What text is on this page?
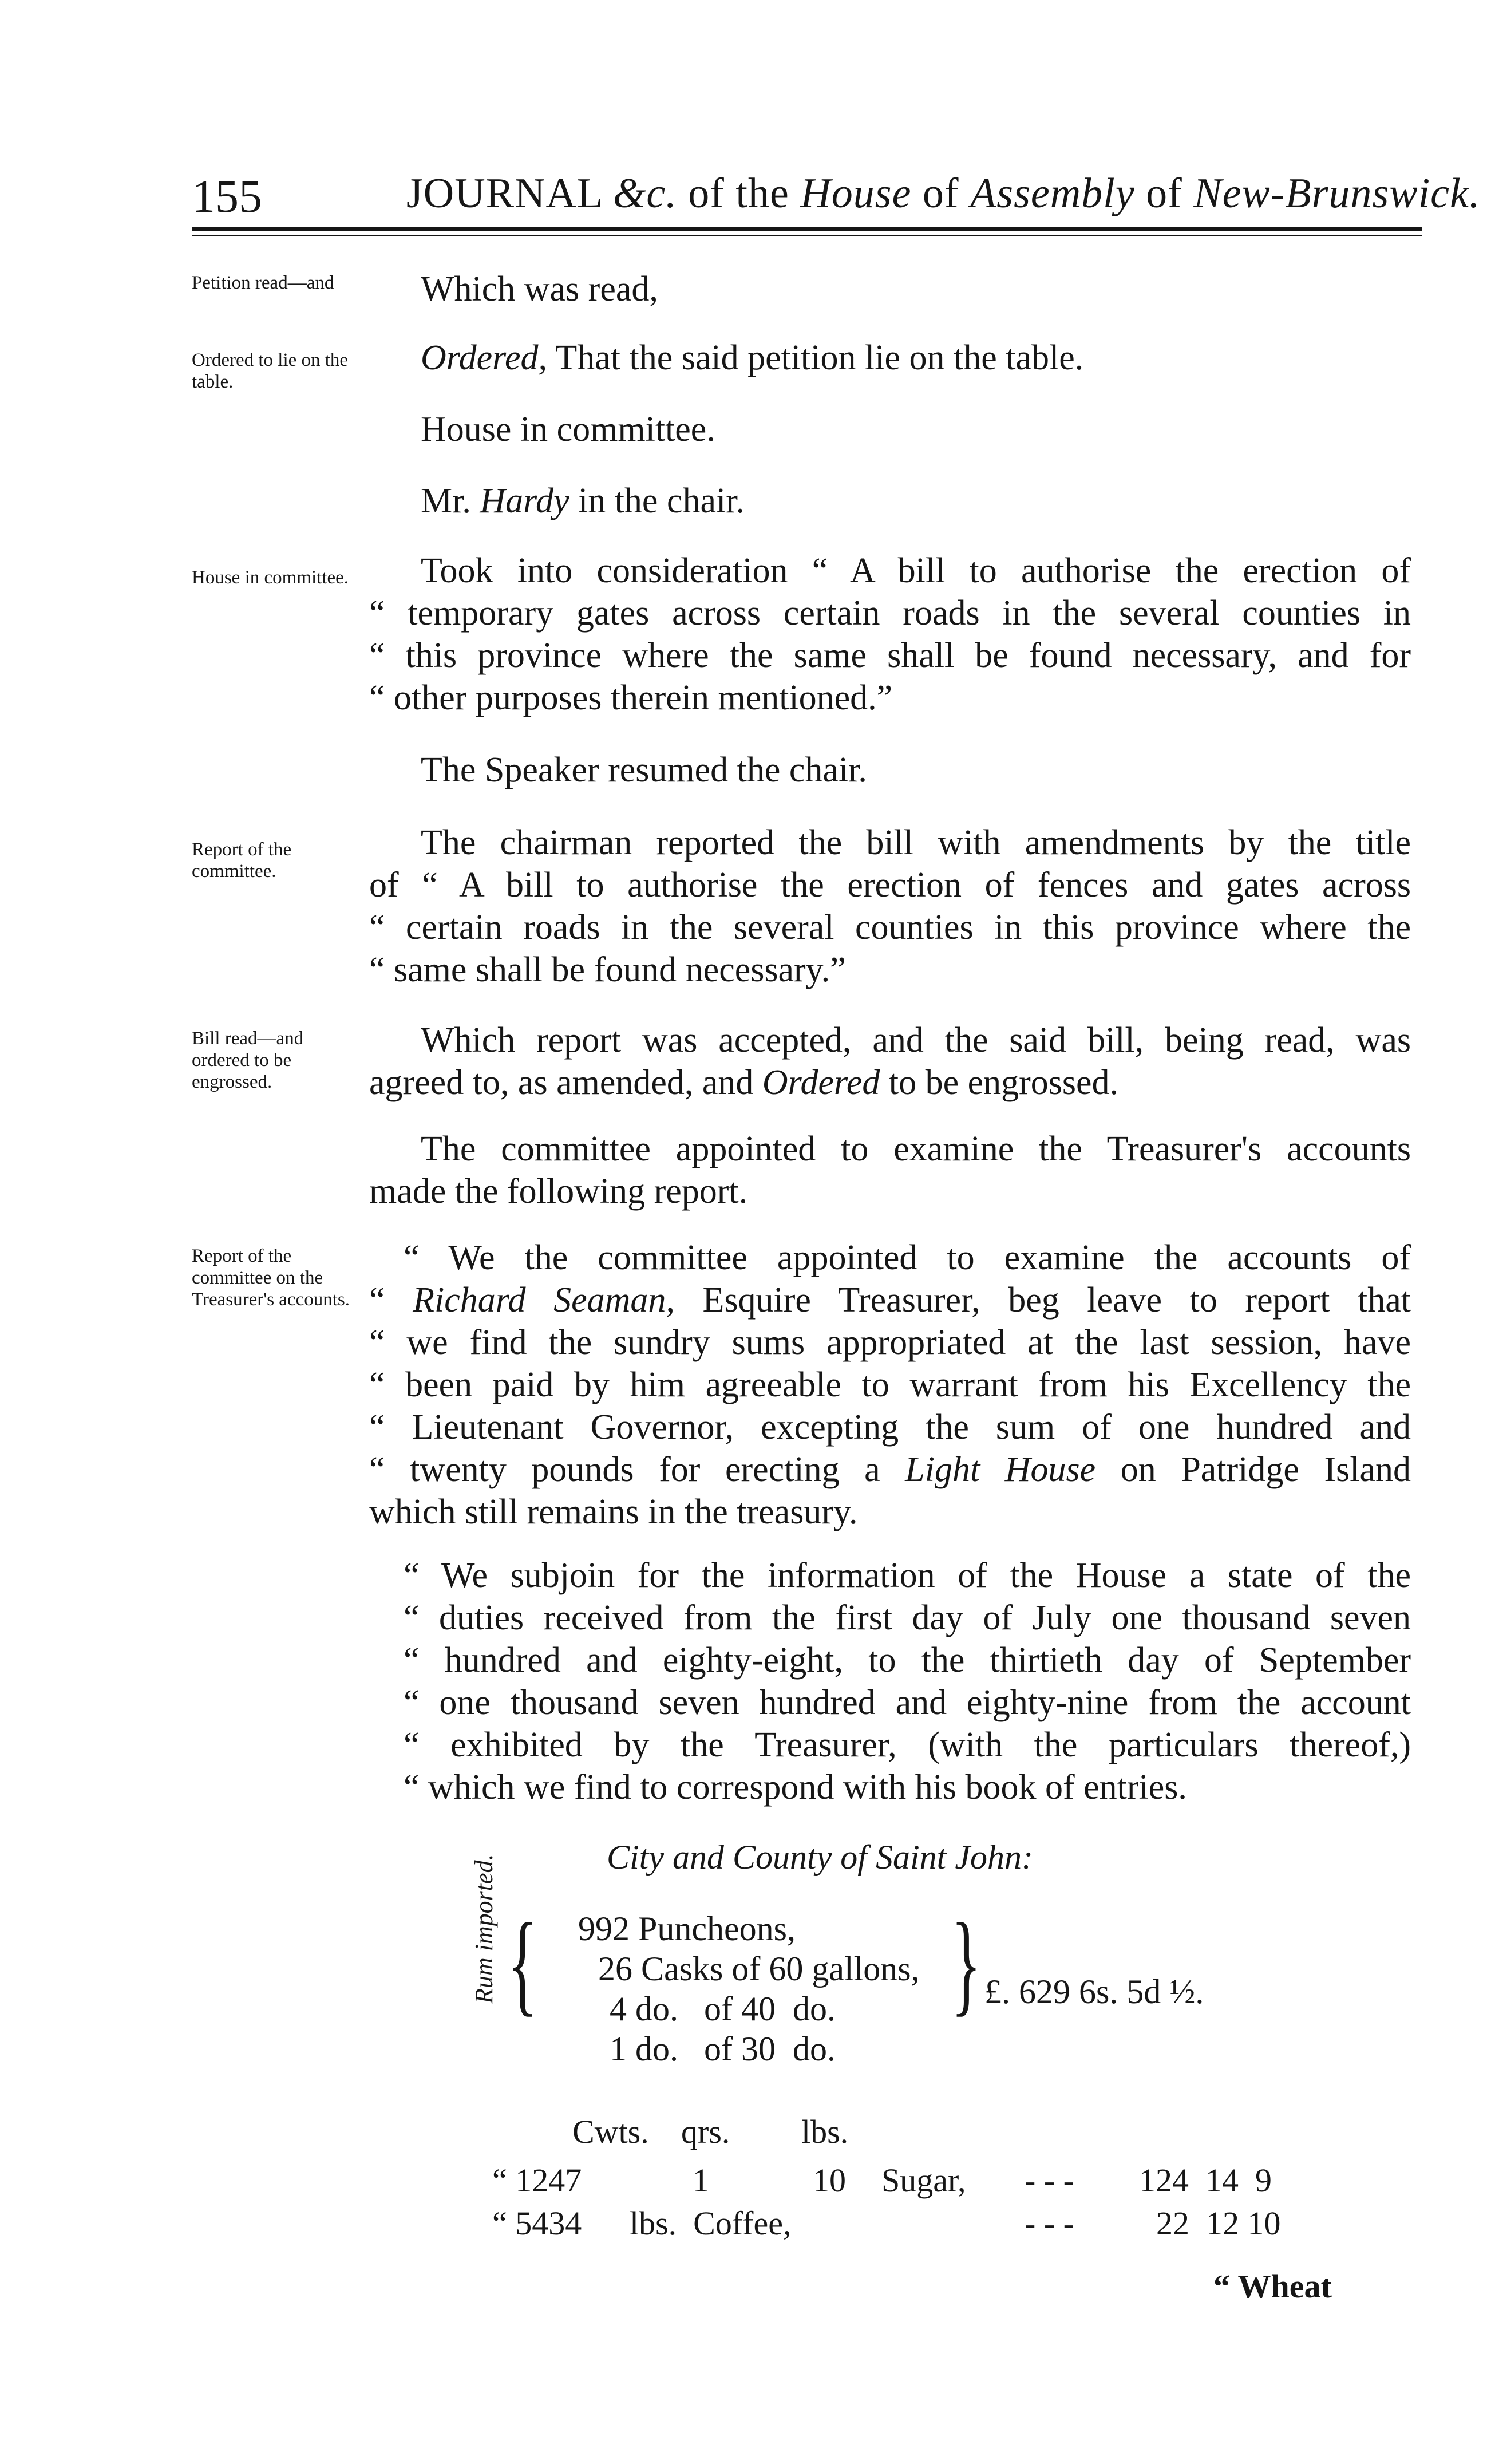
155	JOURNAL &c. of the House of Assembly of New-Brunswick.
Petition read—and
Ordered to lie on the table.
House in committee.
Report of the committee.
Bill read—and ordered to be engrossed.
Report of the committee on the Treasurer's accounts.
Which was read,
Ordered, That the said petition lie on the table.
House in committee.
Mr. Hardy in the chair.
Took into consideration “ A bill to authorise the erection of
“ temporary gates across certain roads in the several counties in
“ this province where the same shall be found necessary, and for
“ other purposes therein mentioned.”
The Speaker resumed the chair.
The chairman reported the bill with amendments by the title
of “ A bill to authorise the erection of fences and gates across
“ certain roads in the several counties in this province where the
“ same shall be found necessary.”
Which report was accepted, and the said bill, being read, was
agreed to, as amended, and Ordered to be engrossed.
The committee appointed to examine the Treasurer's accounts
made the following report.
“ We the committee appointed to examine the accounts of
“ Richard Seaman, Esquire Treasurer, beg leave to report that
“ we find the sundry sums appropriated at the last session, have
“ been paid by him agreeable to warrant from his Excellency the
“ Lieutenant Governor, excepting the sum of one hundred and
“ twenty pounds for erecting a Light House on Patridge Island
which still remains in the treasury.
“ We subjoin for the information of the House a state of the
“ duties received from the first day of July one thousand seven
“ hundred and eighty-eight, to the thirtieth day of September
“ one thousand seven hundred and eighty-nine from the account
“ exhibited by the Treasurer, (with the particulars thereof,)
“ which we find to correspond with his book of entries.
City and County of Saint John:
Rum imported. { 992 Puncheons,
26 Casks of 60 gallons,
4 do.   of 40  do.
1 do.   of 30  do.
} £. 629 6s. 5d ½.
Cwts. qrs. lbs.
“ 1247	1	10 Sugar, - - - 124  14  9
“ 5434 lbs.  Coffee,	- - - 22  12 10
“ Wheat
